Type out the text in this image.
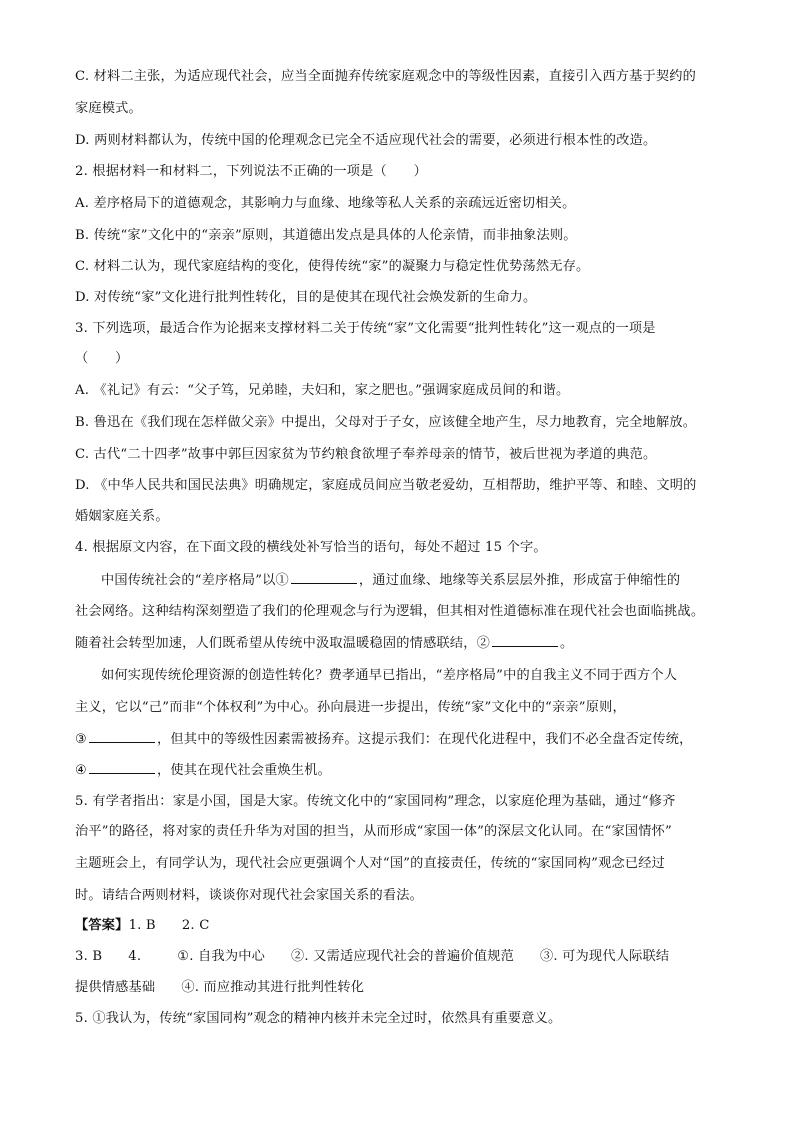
C. 材料二主张，为适应现代社会，应当全面抛弃传统家庭观念中的等级性因素，直接引入西方基于契约的
家庭模式。
D. 两则材料都认为，传统中国的伦理观念已完全不适应现代社会的需要，必须进行根本性的改造。
2. 根据材料一和材料二，下列说法不正确的一项是（　　）
A. 差序格局下的道德观念，其影响力与血缘、地缘等私人关系的亲疏远近密切相关。
B. 传统“家”文化中的“亲亲”原则，其道德出发点是具体的人伦亲情，而非抽象法则。
C. 材料二认为，现代家庭结构的变化，使得传统“家”的凝聚力与稳定性优势荡然无存。
D. 对传统“家”文化进行批判性转化，目的是使其在现代社会焕发新的生命力。
3. 下列选项，最适合作为论据来支撑材料二关于传统“家”文化需要“批判性转化”这一观点的一项是
（　　）
A. 《礼记》有云：“父子笃，兄弟睦，夫妇和，家之肥也。”强调家庭成员间的和谐。
B. 鲁迅在《我们现在怎样做父亲》中提出，父母对于子女，应该健全地产生，尽力地教育，完全地解放。
C. 古代“二十四孝”故事中郭巨因家贫为节约粮食欲埋子奉养母亲的情节，被后世视为孝道的典范。
D. 《中华人民共和国民法典》明确规定，家庭成员间应当敬老爱幼，互相帮助，维护平等、和睦、文明的
婚姻家庭关系。
4. 根据原文内容，在下面文段的横线处补写恰当的语句，每处不超过 15 个字。
中国传统社会的“差序格局”以①	，通过血缘、地缘等关系层层外推，形成富于伸缩性的
社会网络。这种结构深刻塑造了我们的伦理观念与行为逻辑，但其相对性道德标准在现代社会也面临挑战。
随着社会转型加速，人们既希望从传统中汲取温暖稳固的情感联结，②	。
如何实现传统伦理资源的创造性转化？费孝通早已指出，“差序格局”中的自我主义不同于西方个人
主义，它以“己”而非“个体权利”为中心。孙向晨进一步提出，传统“家”文化中的“亲亲”原则，
③	，但其中的等级性因素需被扬弃。这提示我们：在现代化进程中，我们不必全盘否定传统，
④	，使其在现代社会重焕生机。
5. 有学者指出：家是小国，国是大家。传统文化中的“家国同构”理念，以家庭伦理为基础，通过“修齐
治平”的路径，将对家的责任升华为对国的担当，从而形成“家国一体”的深层文化认同。在“家国情怀”
主题班会上，有同学认为，现代社会应更强调个人对“国”的直接责任，传统的“家国同构”观念已经过
时。请结合两则材料，谈谈你对现代社会家国关系的看法。
【答案】1. B 2. C
3. B 4.	①. 自我为中心 ②. 又需适应现代社会的普遍价值规范 ③. 可为现代人际联结
提供情感基础 ④. 而应推动其进行批判性转化
5. ①我认为，传统“家国同构”观念的精神内核并未完全过时，依然具有重要意义。
